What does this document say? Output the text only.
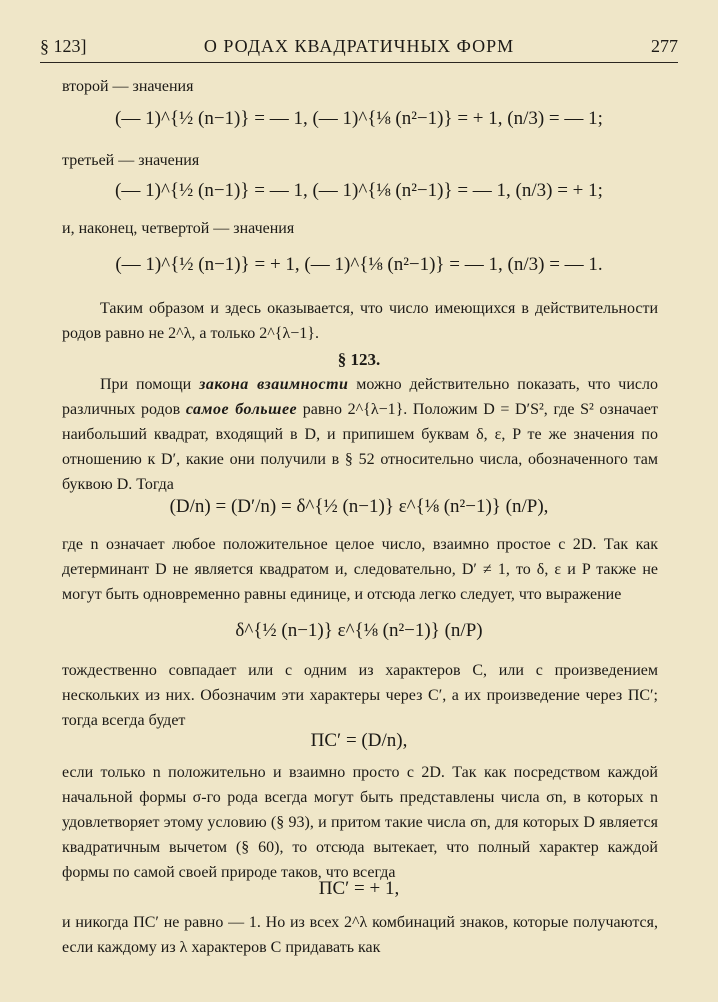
§ 123]	О РОДАХ КВАДРАТИЧНЫХ ФОРМ	277

второй — значения

(— 1)^{½ (n−1)} = — 1, (— 1)^{⅛ (n²−1)} = + 1, (n/3) = — 1;

третьей — значения

(— 1)^{½ (n−1)} = — 1, (— 1)^{⅛ (n²−1)} = — 1, (n/3) = + 1;

и, наконец, четвертой — значения

(— 1)^{½ (n−1)} = + 1, (— 1)^{⅛ (n²−1)} = — 1, (n/3) = — 1.

Таким образом и здесь оказывается, что число имеющихся в действительности родов равно не 2^λ, а только 2^{λ−1}.

§ 123.

При помощи закона взаимности можно действительно показать, что число различных родов самое большее равно 2^{λ−1}. Положим D = D′S², где S² означает наибольший квадрат, входящий в D, и припишем буквам δ, ε, P те же значения по отношению к D′, какие они получили в § 52 относительно числа, обозначенного там буквою D. Тогда

(D/n) = (D′/n) = δ^{½ (n−1)} ε^{⅛ (n²−1)} (n/P),

где n означает любое положительное целое число, взаимно простое с 2D. Так как детерминант D не является квадратом и, следовательно, D′ ≠ 1, то δ, ε и P также не могут быть одновременно равны единице, и отсюда легко следует, что выражение

δ^{½ (n−1)} ε^{⅛ (n²−1)} (n/P)

тождественно совпадает или с одним из характеров C, или с произведением нескольких из них. Обозначим эти характеры через C′, а их произведение через ΠC′; тогда всегда будет

ΠC′ = (D/n),

если только n положительно и взаимно просто с 2D. Так как посредством каждой начальной формы σ-го рода всегда могут быть представлены числа σn, в которых n удовлетворяет этому условию (§ 93), и притом такие числа σn, для которых D является квадратичным вычетом (§ 60), то отсюда вытекает, что полный характер каждой формы по самой своей природе таков, что всегда

ΠC′ = + 1,

и никогда ΠC′ не равно — 1. Но из всех 2^λ комбинаций знаков, которые получаются, если каждому из λ характеров C придавать как
